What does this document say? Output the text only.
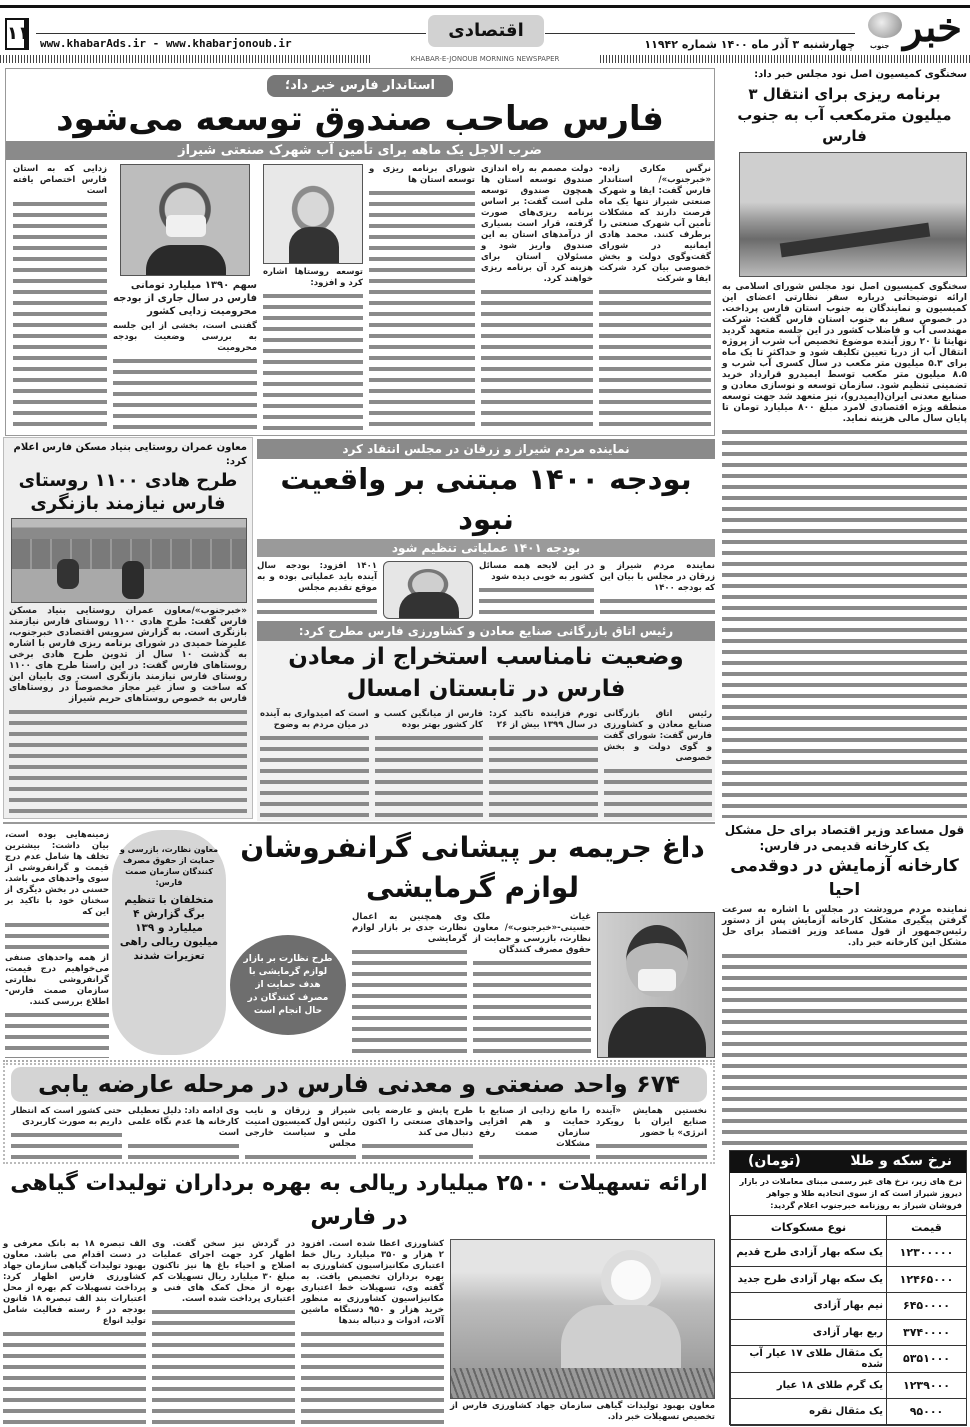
۱۱ www.khabarAds.ir - www.khabarjonoub.ir
اقتصادی
چهارشنبه ۳ آذر ماه ۱۴۰۰ شماره ۱۱۹۴۲ خبر
جنوب
KHABAR-E-JONOUB MORNING NEWSPAPER
سخنگوی کمیسیون اصل نود مجلس خبر داد:
برنامه ریزی برای انتقال ۳ میلیون مترمکعب آب به جنوب فارس

سخنگوی کمیسیون اصل نود مجلس شورای اسلامی به ارائه توضیحاتی درباره سفر نظارتی اعضای این کمیسیون و نمایندگان به جنوب استان فارس پرداخت. در خصوص سفر به جنوب استان فارس گفت: شرکت مهندسی آب و فاضلاب کشور در این جلسه متعهد گردید نهایتا تا ۲۰ روز آینده موضوع تخصیص آب شرب از پروژه انتقال آب از دریا تعیین تکلیف شود و حداکثر تا یک ماه برای ۵.۳ میلیون متر مکعب در سال کسری آب شرب و ۸.۵ میلیون متر مکعب توسط ایمیدرو قرارداد خرید تضمینی تنظیم شود. سازمان توسعه و نوسازی معادن و صنایع معدنی ایران(ایمیدرو)، نیز متعهد شد جهت توسعه منطقه ویژه اقتصادی لامرد مبلغ ۸۰۰ میلیارد تومان تا پایان سال مالی هزینه نماید.

قول مساعد وزیر اقتصاد برای حل مشکل یک کارخانه قدیمی در فارس:
کارخانه آزمایش در دوقدمی احیا

نماینده مردم مرودشت در مجلس با اشاره به سرعت گرفتن پیگیری مشکل کارخانه آزمایش پس از دستور رئیس‌جمهور از قول مساعد وزیر اقتصاد برای حل مشکل این کارخانه خبر داد.

نرخ سکه و طلا
(تومان)
نرخ های زیر، نرخ های غیر رسمی مبنای معاملات در بازار دیروز شیراز است که از سوی اتحادیه طلا و جواهر فروشان شیراز به روزنامه خبرجنوب اعلام گردید:
نوع مسکوکات	قیمت
یک سکه بهار آزادی طرح قدیم	۱۲۳۰۰۰۰۰
یک سکه بهار آزادی طرح جدید	۱۲۴۶۵۰۰۰
نیم بهار آزادی	۶۴۵۰۰۰۰
ربع بهار آزادی	۳۷۴۰۰۰۰
یک مثقال طلای ۱۷ عیار آب شده	۵۳۵۱۰۰۰
یک گرم طلای ۱۸ عیار	۱۲۳۹۰۰۰
یک مثقال نقره	۹۵۰۰۰
استاندار فارس خبر داد؛
فارس صاحب صندوق توسعه می‌شود
ضرب الاجل یک ماهه برای تأمین آب شهرک صنعتی شیراز

نرگس مکاری زاده- «خبرجنوب»/ استاندار فارس گفت: ایفا و شهرک صنعتی شیراز تنها یک ماه فرصت دارند که مشکلات تأمین آب شهرک صنعتی را برطرف کنند. محمد هادی ایمانیه در شورای گفت‌وگوی دولت و بخش خصوصی بیان کرد شرکت ایفا و شرکت

دولت مصمم به راه اندازی صندوق توسعه استان ها همچون صندوق توسعه ملی است گفت: بر اساس برنامه ریزی‌های صورت گرفته، قرار است بسیاری از درآمدهای استان به این صندوق واریز شود و مسئولان استان برای هزینه کرد آن برنامه ریزی خواهند کرد.

شورای برنامه ریزی و توسعه استان ها

توسعه روستاها اشاره کرد و افزود:

سهم ۱۳۹۰ میلیارد تومانی فارس در سال جاری از بودجه محرومیت زدایی کشور

گفتنی است، بخشی از این جلسه به بررسی وضعیت بودجه محرومیت

زدایی که به استان فارس اختصاص یافته است

معاون عمران روستایی بنیاد مسکن فارس اعلام کرد:
طرح هادی ۱۱۰۰ روستای فارس نیازمند بازنگری

«خبرجنوب»/معاون عمران روستایی بنیاد مسکن فارس گفت: طرح هادی ۱۱۰۰ روستای فارس نیازمند بازنگری است. به گزارش سرویس اقتصادی خبرجنوب، علیرضا حمیدی در شورای برنامه ریزی فارس با اشاره به گذشت ۱۰ سال از تدوین طرح هادی برخی روستاهای فارس گفت: در این راستا طرح های ۱۱۰۰ روستای فارس نیازمند بازنگری است. وی بابیان این که ساخت و ساز غیر مجاز مخصوصاً در روستاهای فارس به خصوص روستاهای حریم شیراز

نماینده مردم شیراز و زرقان در مجلس انتقاد کرد
بودجه ۱۴۰۰ مبتنی بر واقعیت نبود
بودجه ۱۴۰۱ عملیاتی تنظیم شود

نماینده مردم شیراز و زرقان در مجلس با بیان این که بودجه ۱۴۰۰

در این لایحه همه مسائل کشور به خوبی دیده شود

۱۴۰۱ افزود: بودجه سال آینده باید عملیاتی بوده و به موقع تقدیم مجلس

رئیس اتاق بازرگانی صنایع معادن و کشاورزی فارس مطرح کرد:
وضعیت نامناسب استخراج از معادن فارس در تابستان امسال

رئیس اتاق بازرگانی صنایع معادن و کشاورزی فارس گفت: شورای گفت و گوی دولت و بخش خصوصی

تورم فزاینده تاکید کرد: در سال ۱۳۹۹ بیش از ۲۶

فارس از میانگین کسب و کار کشور بهتر بوده

است که امیدواری به آینده در میان مردم به وضوح

داغ جریمه بر پیشانی گرانفروشان لوازم گرمایشی

غیاث ملک حسینی-«خبرجنوب»/ معاون نظارت، بازرسی و حمایت از حقوق مصرف کنندگان

وی همچنین به اعمال نظارت جدی بر بازار لوازم گرمایشی

طرح نظارت بر بازار لوازم گرمایشی با هدف حمایت از مصرف کنندگان در حال انجام است
معاون نظارت، بازرسی و حمایت از حقوق مصرف کنندگان سازمان صمت فارس:
متخلفان با تنظیم برگ گزارش ۴ میلیارد و ۱۳۹ میلیون ریالی راهی تعزیرات شدند

زمینه‌هایی بوده است، بیان داشت: بیشترین تخلف ها شامل عدم درج قیمت و گرانفروشی از سوی واحدهای می باشد. حسنی در بخش دیگری از سخنان خود با تاکید بر این که

از همه واحدهای صنفی می‌خواهیم درج قیمت، گرانفروشی نظارتی سازمان صمت فارس- اطلاع بررسی کنند.

۶۷۴ واحد صنعتی و معدنی فارس در مرحله عارضه یابی

نخستین همایش «آینده صنایع ایران با رویکرد انرژی» با حضور

را مانع زدایی از صنایع با حمایت و هم افزایی سازمان صمت رفع مشکلات

طرح پایش و عارضه یابی واحدهای صنعتی را اکنون دنبال می کند

شیراز و زرقان و نایب رئیس اول کمیسیون امنیت ملی و سیاست خارجی مجلس

وی ادامه داد: دلیل تعطیلی کارخانه ها عدم نگاه علمی است

حتی کشور است که انتظار داریم به صورت کاربردی

ارائه تسهیلات ۲۵۰۰ میلیارد ریالی به بهره برداران تولیدات گیاهی در فارس

معاون بهبود تولیدات گیاهی سازمان جهاد کشاورزی فارس از تخصیص تسهیلات خبر داد.

کشاورزی اعطا شده است. افزود ۲ هزار و ۳۵۰ میلیارد ریال خط اعتباری مکانیزاسیون کشاورزی به بهره برداران تخصیص یافت. به گفته وی، تسهیلات خط اعتباری مکانیزاسیون کشاورزی به منظور خرید هزار و ۹۵۰ دستگاه ماشین آلات، ادوات و دنباله بندها

در گردش نیز سخن گفت. وی اظهار کرد جهت اجرای عملیات اصلاح و احیاء باغ ها نیز تاکنون مبلغ ۳۰ میلیارد ریال تسهیلات کم بهره از محل کمک های فنی و اعتباری پرداخت شده است.

الف تبصره ۱۸ به بانک معرفی و در دست اقدام می باشد. معاون بهبود تولیدات گیاهی سازمان جهاد کشاورزی فارس اظهار کرد: پرداخت تسهیلات کم بهره از محل اعتبارات بند الف تبصره ۱۸ قانون بودجه در ۶ رسته فعالیت شامل تولید انواع
